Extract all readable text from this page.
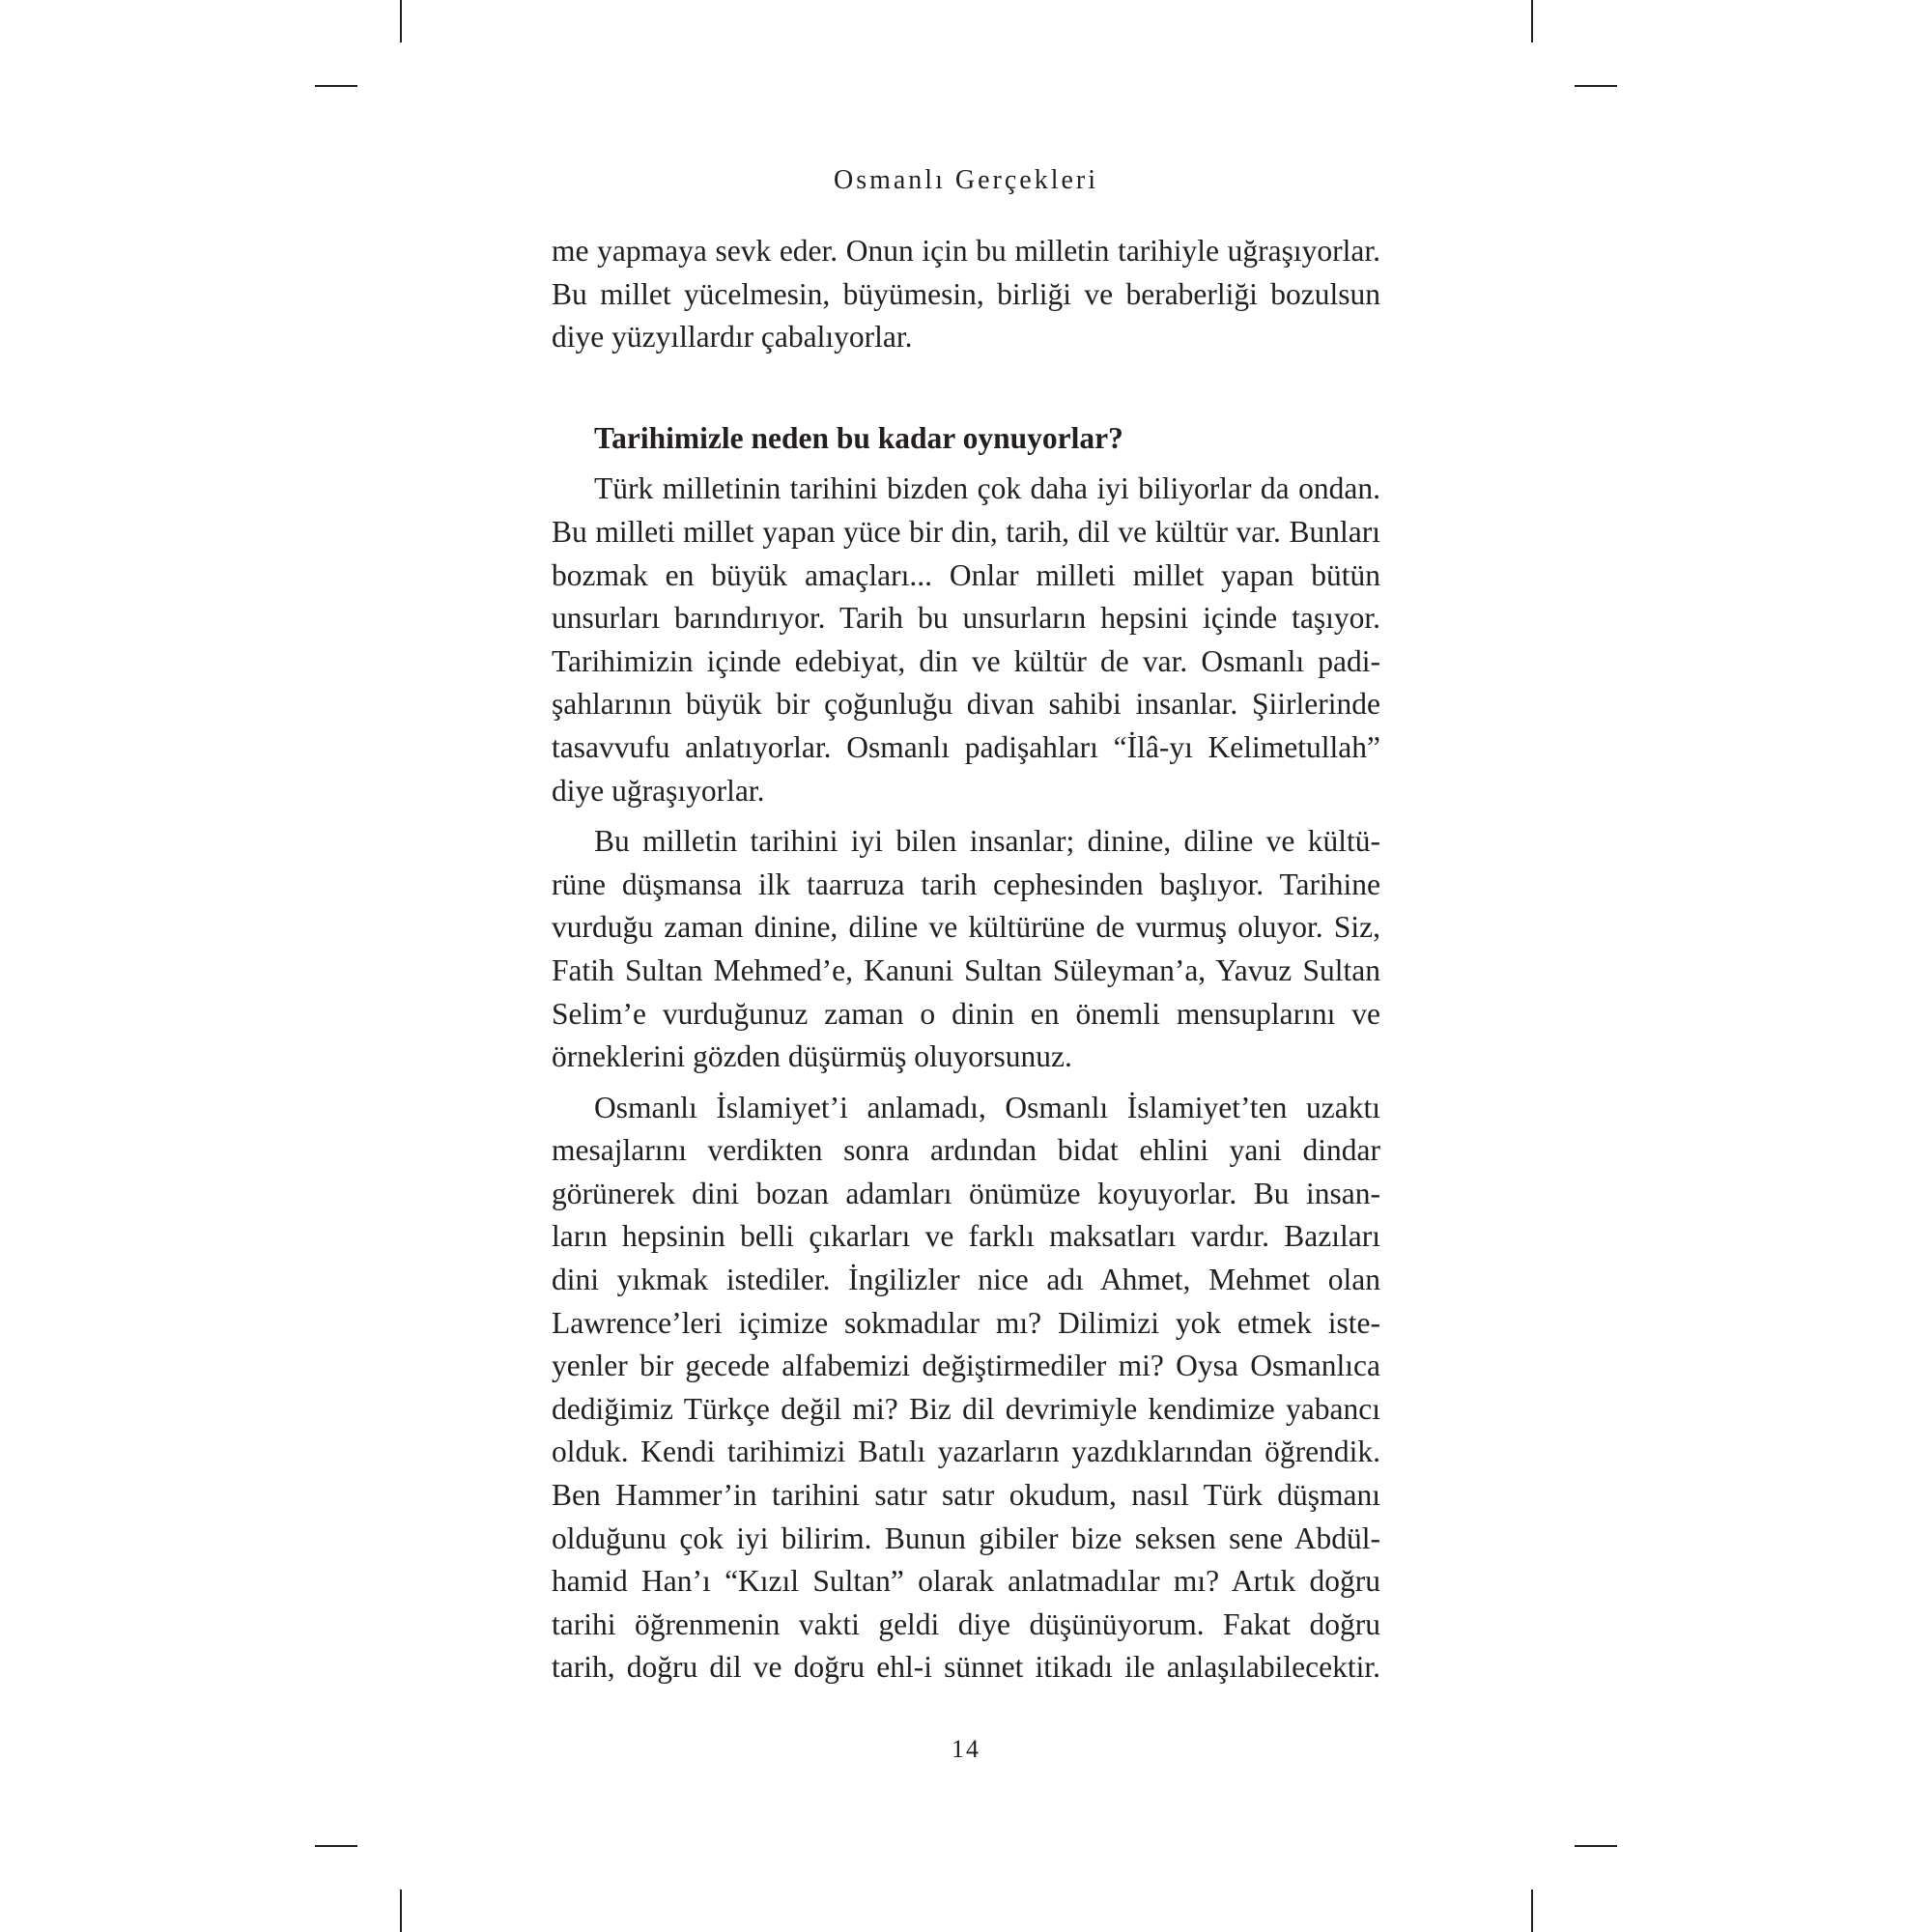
Osmanlı Gerçekleri
me yapmaya sevk eder. Onun için bu milletin tarihiyle uğraşıyorlar.
Bu millet yücelmesin, büyümesin, birliği ve beraberliği bozulsun
diye yüzyıllardır çabalıyorlar.
Tarihimizle neden bu kadar oynuyorlar?
Türk milletinin tarihini bizden çok daha iyi biliyorlar da ondan.
Bu milleti millet yapan yüce bir din, tarih, dil ve kültür var. Bunları
bozmak en büyük amaçları... Onlar milleti millet yapan bütün
unsurları barındırıyor. Tarih bu unsurların hepsini içinde taşıyor.
Tarihimizin içinde edebiyat, din ve kültür de var. Osmanlı padi-
şahlarının büyük bir çoğunluğu divan sahibi insanlar. Şiirlerinde
tasavvufu anlatıyorlar. Osmanlı padişahları “İlâ-yı Kelimetullah”
diye uğraşıyorlar.
Bu milletin tarihini iyi bilen insanlar; dinine, diline ve kültü-
rüne düşmansa ilk taarruza tarih cephesinden başlıyor. Tarihine
vurduğu zaman dinine, diline ve kültürüne de vurmuş oluyor. Siz,
Fatih Sultan Mehmed’e, Kanuni Sultan Süleyman’a, Yavuz Sultan
Selim’e vurduğunuz zaman o dinin en önemli mensuplarını ve
örneklerini gözden düşürmüş oluyorsunuz.
Osmanlı İslamiyet’i anlamadı, Osmanlı İslamiyet’ten uzaktı
mesajlarını verdikten sonra ardından bidat ehlini yani dindar
görünerek dini bozan adamları önümüze koyuyorlar. Bu insan-
ların hepsinin belli çıkarları ve farklı maksatları vardır. Bazıları
dini yıkmak istediler. İngilizler nice adı Ahmet, Mehmet olan
Lawrence’leri içimize sokmadılar mı? Dilimizi yok etmek iste-
yenler bir gecede alfabemizi değiştirmediler mi? Oysa Osmanlıca
dediğimiz Türkçe değil mi? Biz dil devrimiyle kendimize yabancı
olduk. Kendi tarihimizi Batılı yazarların yazdıklarından öğrendik.
Ben Hammer’in tarihini satır satır okudum, nasıl Türk düşmanı
olduğunu çok iyi bilirim. Bunun gibiler bize seksen sene Abdül-
hamid Han’ı “Kızıl Sultan” olarak anlatmadılar mı? Artık doğru
tarihi öğrenmenin vakti geldi diye düşünüyorum. Fakat doğru
tarih, doğru dil ve doğru ehl-i sünnet itikadı ile anlaşılabilecektir.
14
